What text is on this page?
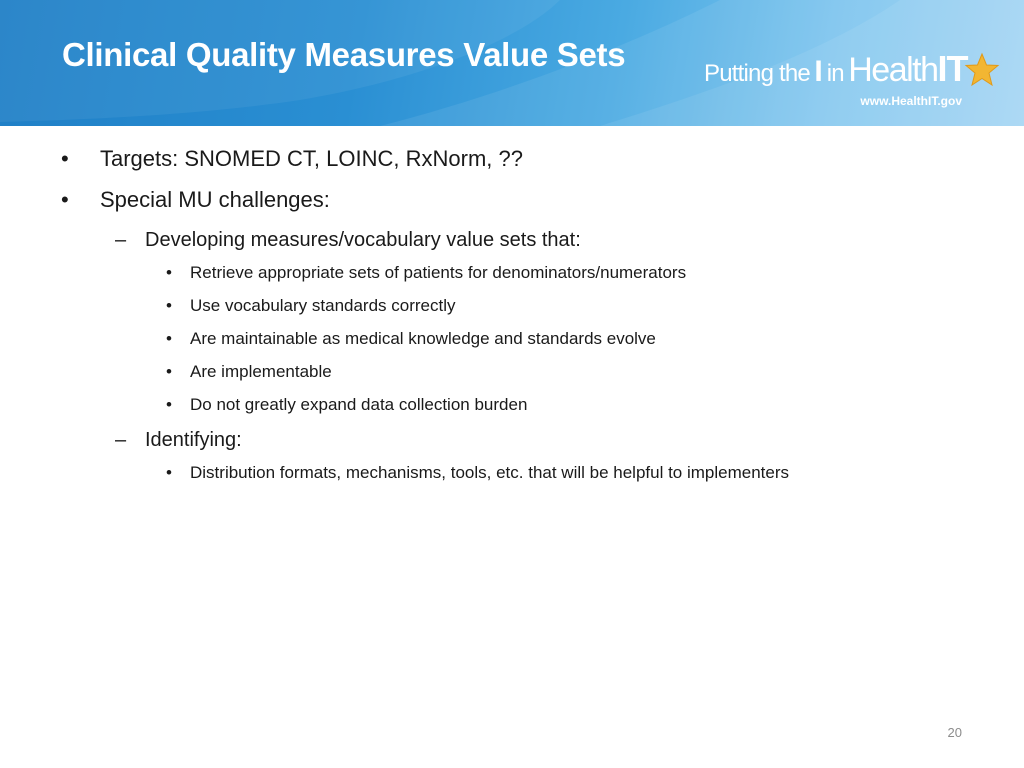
Clinical Quality Measures Value Sets
Putting the I in HealthIT
www.HealthIT.gov
• Targets: SNOMED CT, LOINC, RxNorm, ??
• Special MU challenges:
– Developing measures/vocabulary value sets that:
• Retrieve appropriate sets of patients for denominators/numerators
• Use vocabulary standards correctly
• Are maintainable as medical knowledge and standards evolve
• Are implementable
• Do not greatly expand data collection burden
– Identifying:
• Distribution formats, mechanisms, tools, etc. that will be helpful to implementers
20
